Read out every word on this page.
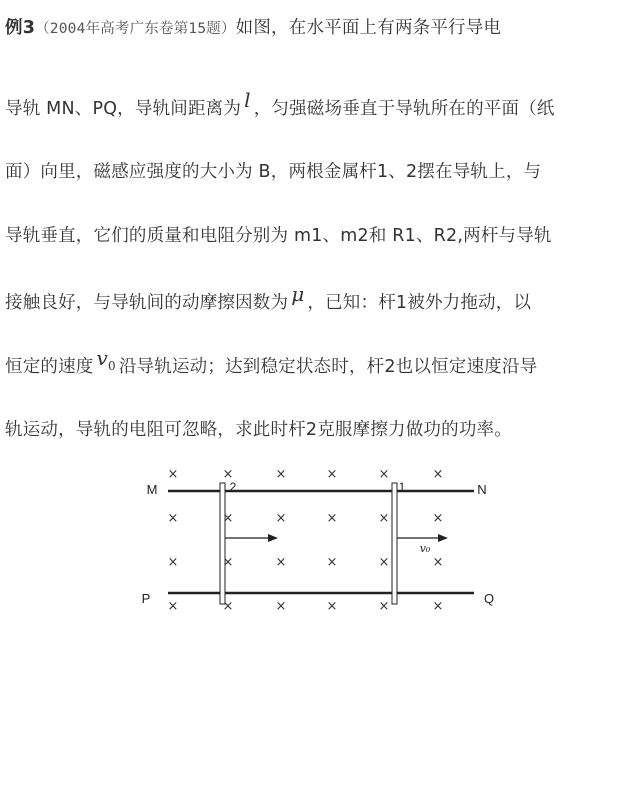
例3（2004年高考广东卷第15题）如图，在水平面上有两条平行导电
导轨 MN、PQ，导轨间距离为 l ，匀强磁场垂直于导轨所在的平面（纸
面）向里，磁感应强度的大小为 B，两根金属杆1、2摆在导轨上，与
导轨垂直，它们的质量和电阻分别为 m1、m2和 R1、R2,两杆与导轨
接触良好，与导轨间的动摩擦因数为 μ ，已知：杆1被外力拖动，以
恒定的速度 $v_0$ 沿导轨运动；达到稳定状态时，杆2也以恒定速度沿导
轨运动，导轨的电阻可忽略，求此时杆2克服摩擦力做功的功率。
×	×	×	×	×	×
×	×	×	×	×	×
×	×	×	×	×	×
×	×	×	×	×	×
M	N
P	Q
2	1
v₀
